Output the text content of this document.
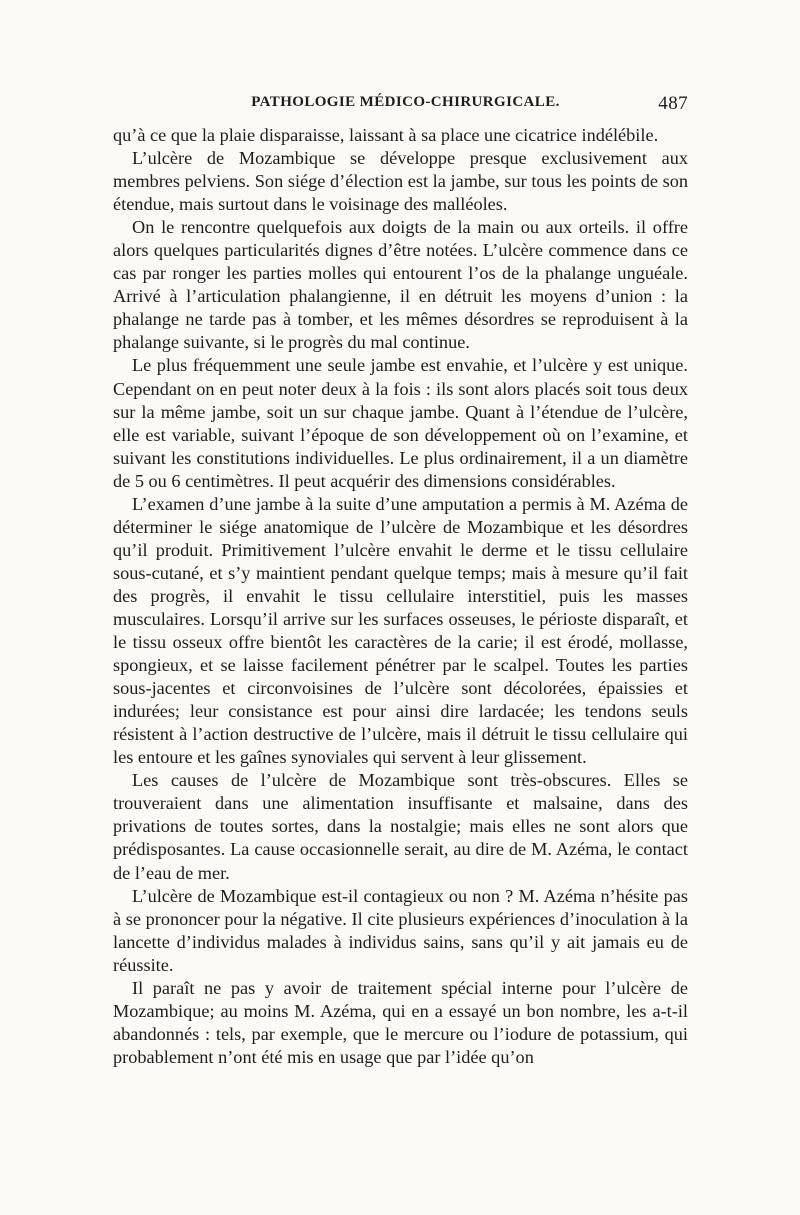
PATHOLOGIE MÉDICO-CHIRURGICALE.	487

qu’à ce que la plaie disparaisse, laissant à sa place une cicatrice indélébile.

L’ulcère de Mozambique se développe presque exclusivement aux membres pelviens. Son siége d’élection est la jambe, sur tous les points de son étendue, mais surtout dans le voisinage des malléoles.

On le rencontre quelquefois aux doigts de la main ou aux orteils. il offre alors quelques particularités dignes d’être notées. L’ulcère commence dans ce cas par ronger les parties molles qui entourent l’os de la phalange unguéale. Arrivé à l’articulation phalangienne, il en détruit les moyens d’union : la phalange ne tarde pas à tomber, et les mêmes désordres se reproduisent à la phalange suivante, si le progrès du mal continue.

Le plus fréquemment une seule jambe est envahie, et l’ulcère y est unique. Cependant on en peut noter deux à la fois : ils sont alors placés soit tous deux sur la même jambe, soit un sur chaque jambe. Quant à l’étendue de l’ulcère, elle est variable, suivant l’époque de son développement où on l’examine, et suivant les constitutions individuelles. Le plus ordinairement, il a un diamètre de 5 ou 6 centimètres. Il peut acquérir des dimensions considérables.

L’examen d’une jambe à la suite d’une amputation a permis à M. Azéma de déterminer le siége anatomique de l’ulcère de Mozambique et les désordres qu’il produit. Primitivement l’ulcère envahit le derme et le tissu cellulaire sous-cutané, et s’y maintient pendant quelque temps; mais à mesure qu’il fait des progrès, il envahit le tissu cellulaire interstitiel, puis les masses musculaires. Lorsqu’il arrive sur les surfaces osseuses, le périoste disparaît, et le tissu osseux offre bientôt les caractères de la carie; il est érodé, mollasse, spongieux, et se laisse facilement pénétrer par le scalpel. Toutes les parties sous-jacentes et circonvoisines de l’ulcère sont décolorées, épaissies et indurées; leur consistance est pour ainsi dire lardacée; les tendons seuls résistent à l’action destructive de l’ulcère, mais il détruit le tissu cellulaire qui les entoure et les gaînes synoviales qui servent à leur glissement.

Les causes de l’ulcère de Mozambique sont très-obscures. Elles se trouveraient dans une alimentation insuffisante et malsaine, dans des privations de toutes sortes, dans la nostalgie; mais elles ne sont alors que prédisposantes. La cause occasionnelle serait, au dire de M. Azéma, le contact de l’eau de mer.

L’ulcère de Mozambique est-il contagieux ou non ? M. Azéma n’hésite pas à se prononcer pour la négative. Il cite plusieurs expériences d’inoculation à la lancette d’individus malades à individus sains, sans qu’il y ait jamais eu de réussite.

Il paraît ne pas y avoir de traitement spécial interne pour l’ulcère de Mozambique; au moins M. Azéma, qui en a essayé un bon nombre, les a-t-il abandonnés : tels, par exemple, que le mercure ou l’iodure de potassium, qui probablement n’ont été mis en usage que par l’idée qu’on
